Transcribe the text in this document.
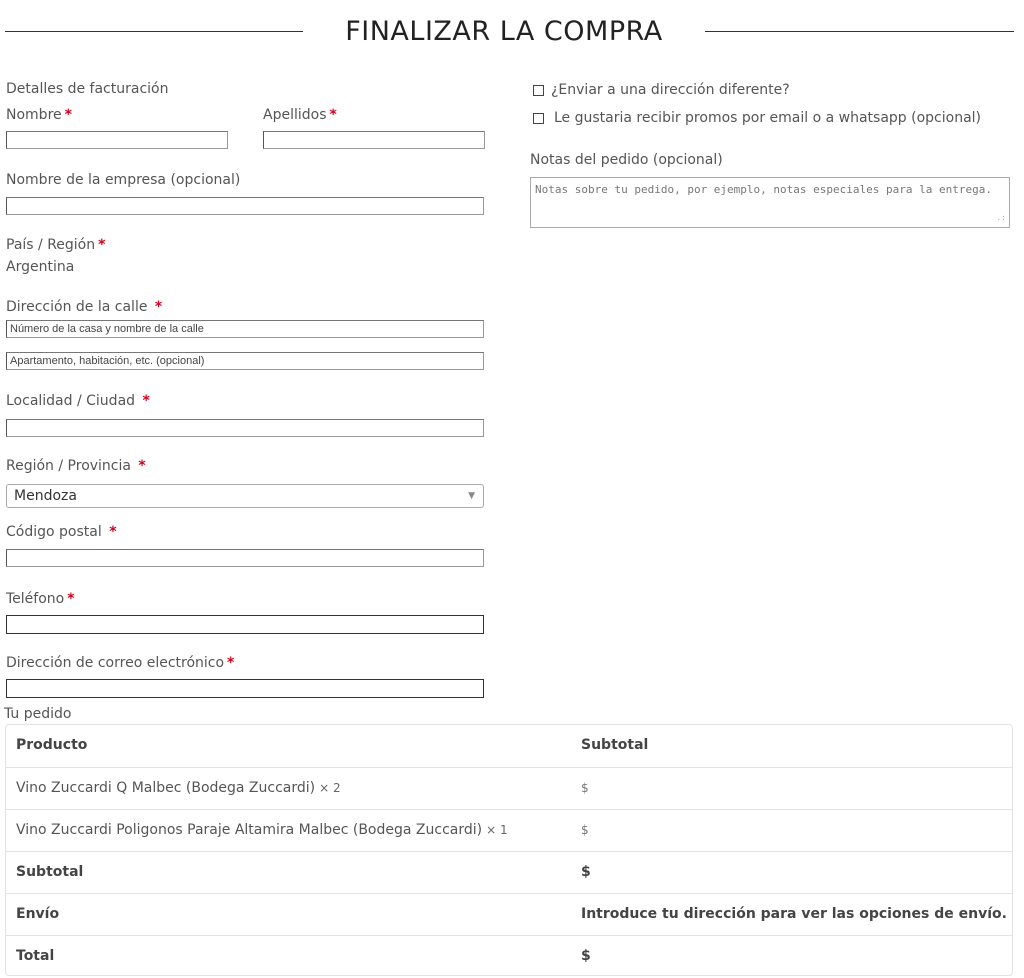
FINALIZAR LA COMPRA
Detalles de facturación
Nombre *	Apellidos *
Nombre de la empresa (opcional)
País / Región *
Argentina
Dirección de la calle *
Número de la casa y nombre de la calle
Apartamento, habitación, etc. (opcional)
Localidad / Ciudad *
Región / Provincia *
Mendoza	▼
Código postal *
Teléfono *
Dirección de correo electrónico *
¿Enviar a una dirección diferente?
Le gustaria recibir promos por email o a whatsapp (opcional)
Notas del pedido (opcional)
Notas sobre tu pedido, por ejemplo, notas especiales para la entrega.
.:
Tu pedido
Producto	Subtotal
Vino Zuccardi Q Malbec (Bodega Zuccardi) × 2	$
Vino Zuccardi Poligonos Paraje Altamira Malbec (Bodega Zuccardi) × 1	$
Subtotal	$
Envío	Introduce tu dirección para ver las opciones de envío.
Total	$
